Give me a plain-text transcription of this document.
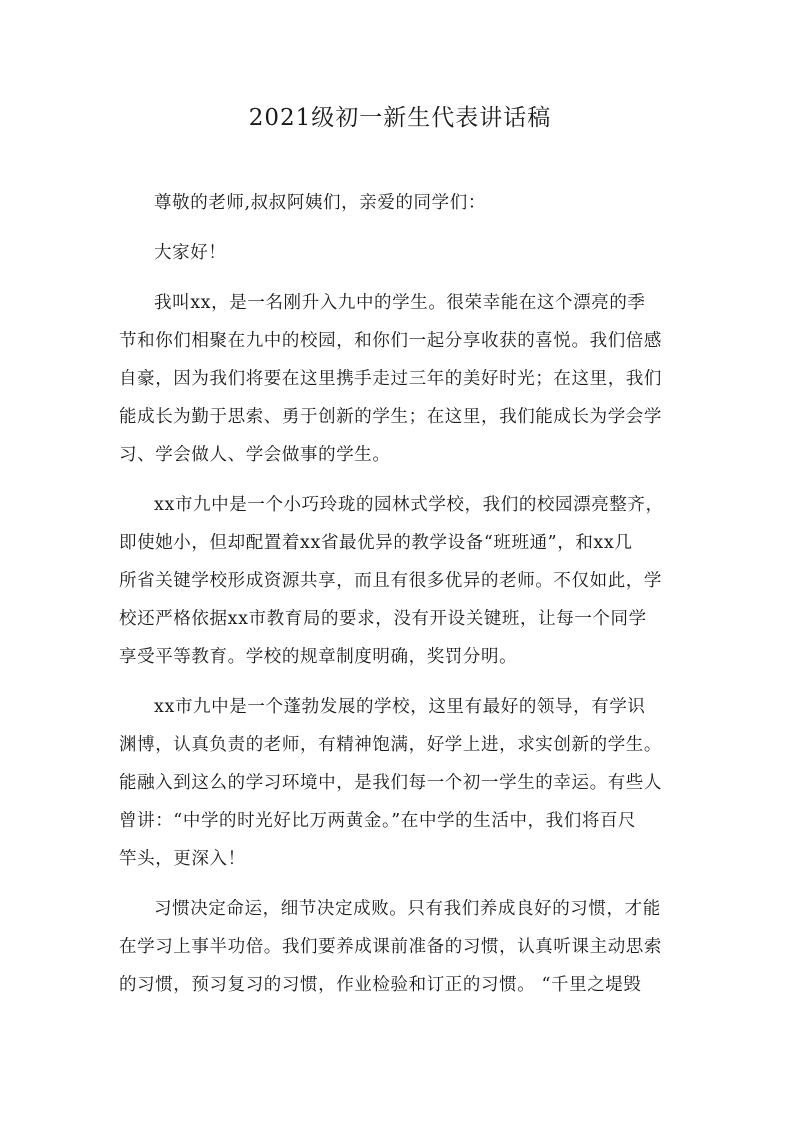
2021级初一新生代表讲话稿

尊敬的老师,叔叔阿姨们，亲爱的同学们：

大家好！

我叫xx，是一名刚升入九中的学生。很荣幸能在这个漂亮的季
节和你们相聚在九中的校园，和你们一起分享收获的喜悦。我们倍感
自豪，因为我们将要在这里携手走过三年的美好时光；在这里，我们
能成长为勤于思索、勇于创新的学生；在这里，我们能成长为学会学
习、学会做人、学会做事的学生。

xx市九中是一个小巧玲珑的园林式学校，我们的校园漂亮整齐，
即使她小，但却配置着xx省最优异的教学设备“班班通”，和xx几
所省关键学校形成资源共享，而且有很多优异的老师。不仅如此，学
校还严格依据xx市教育局的要求，没有开设关键班，让每一个同学
享受平等教育。学校的规章制度明确，奖罚分明。

xx市九中是一个蓬勃发展的学校，这里有最好的领导，有学识
渊博，认真负责的老师，有精神饱满，好学上进，求实创新的学生。
能融入到这么的学习环境中，是我们每一个初一学生的幸运。有些人
曾讲：“中学的时光好比万两黄金。”在中学的生活中，我们将百尺
竿头，更深入！

习惯决定命运，细节决定成败。只有我们养成良好的习惯，才能
在学习上事半功倍。我们要养成课前准备的习惯，认真听课主动思索
的习惯，预习复习的习惯，作业检验和订正的习惯。 “千里之堤毁
